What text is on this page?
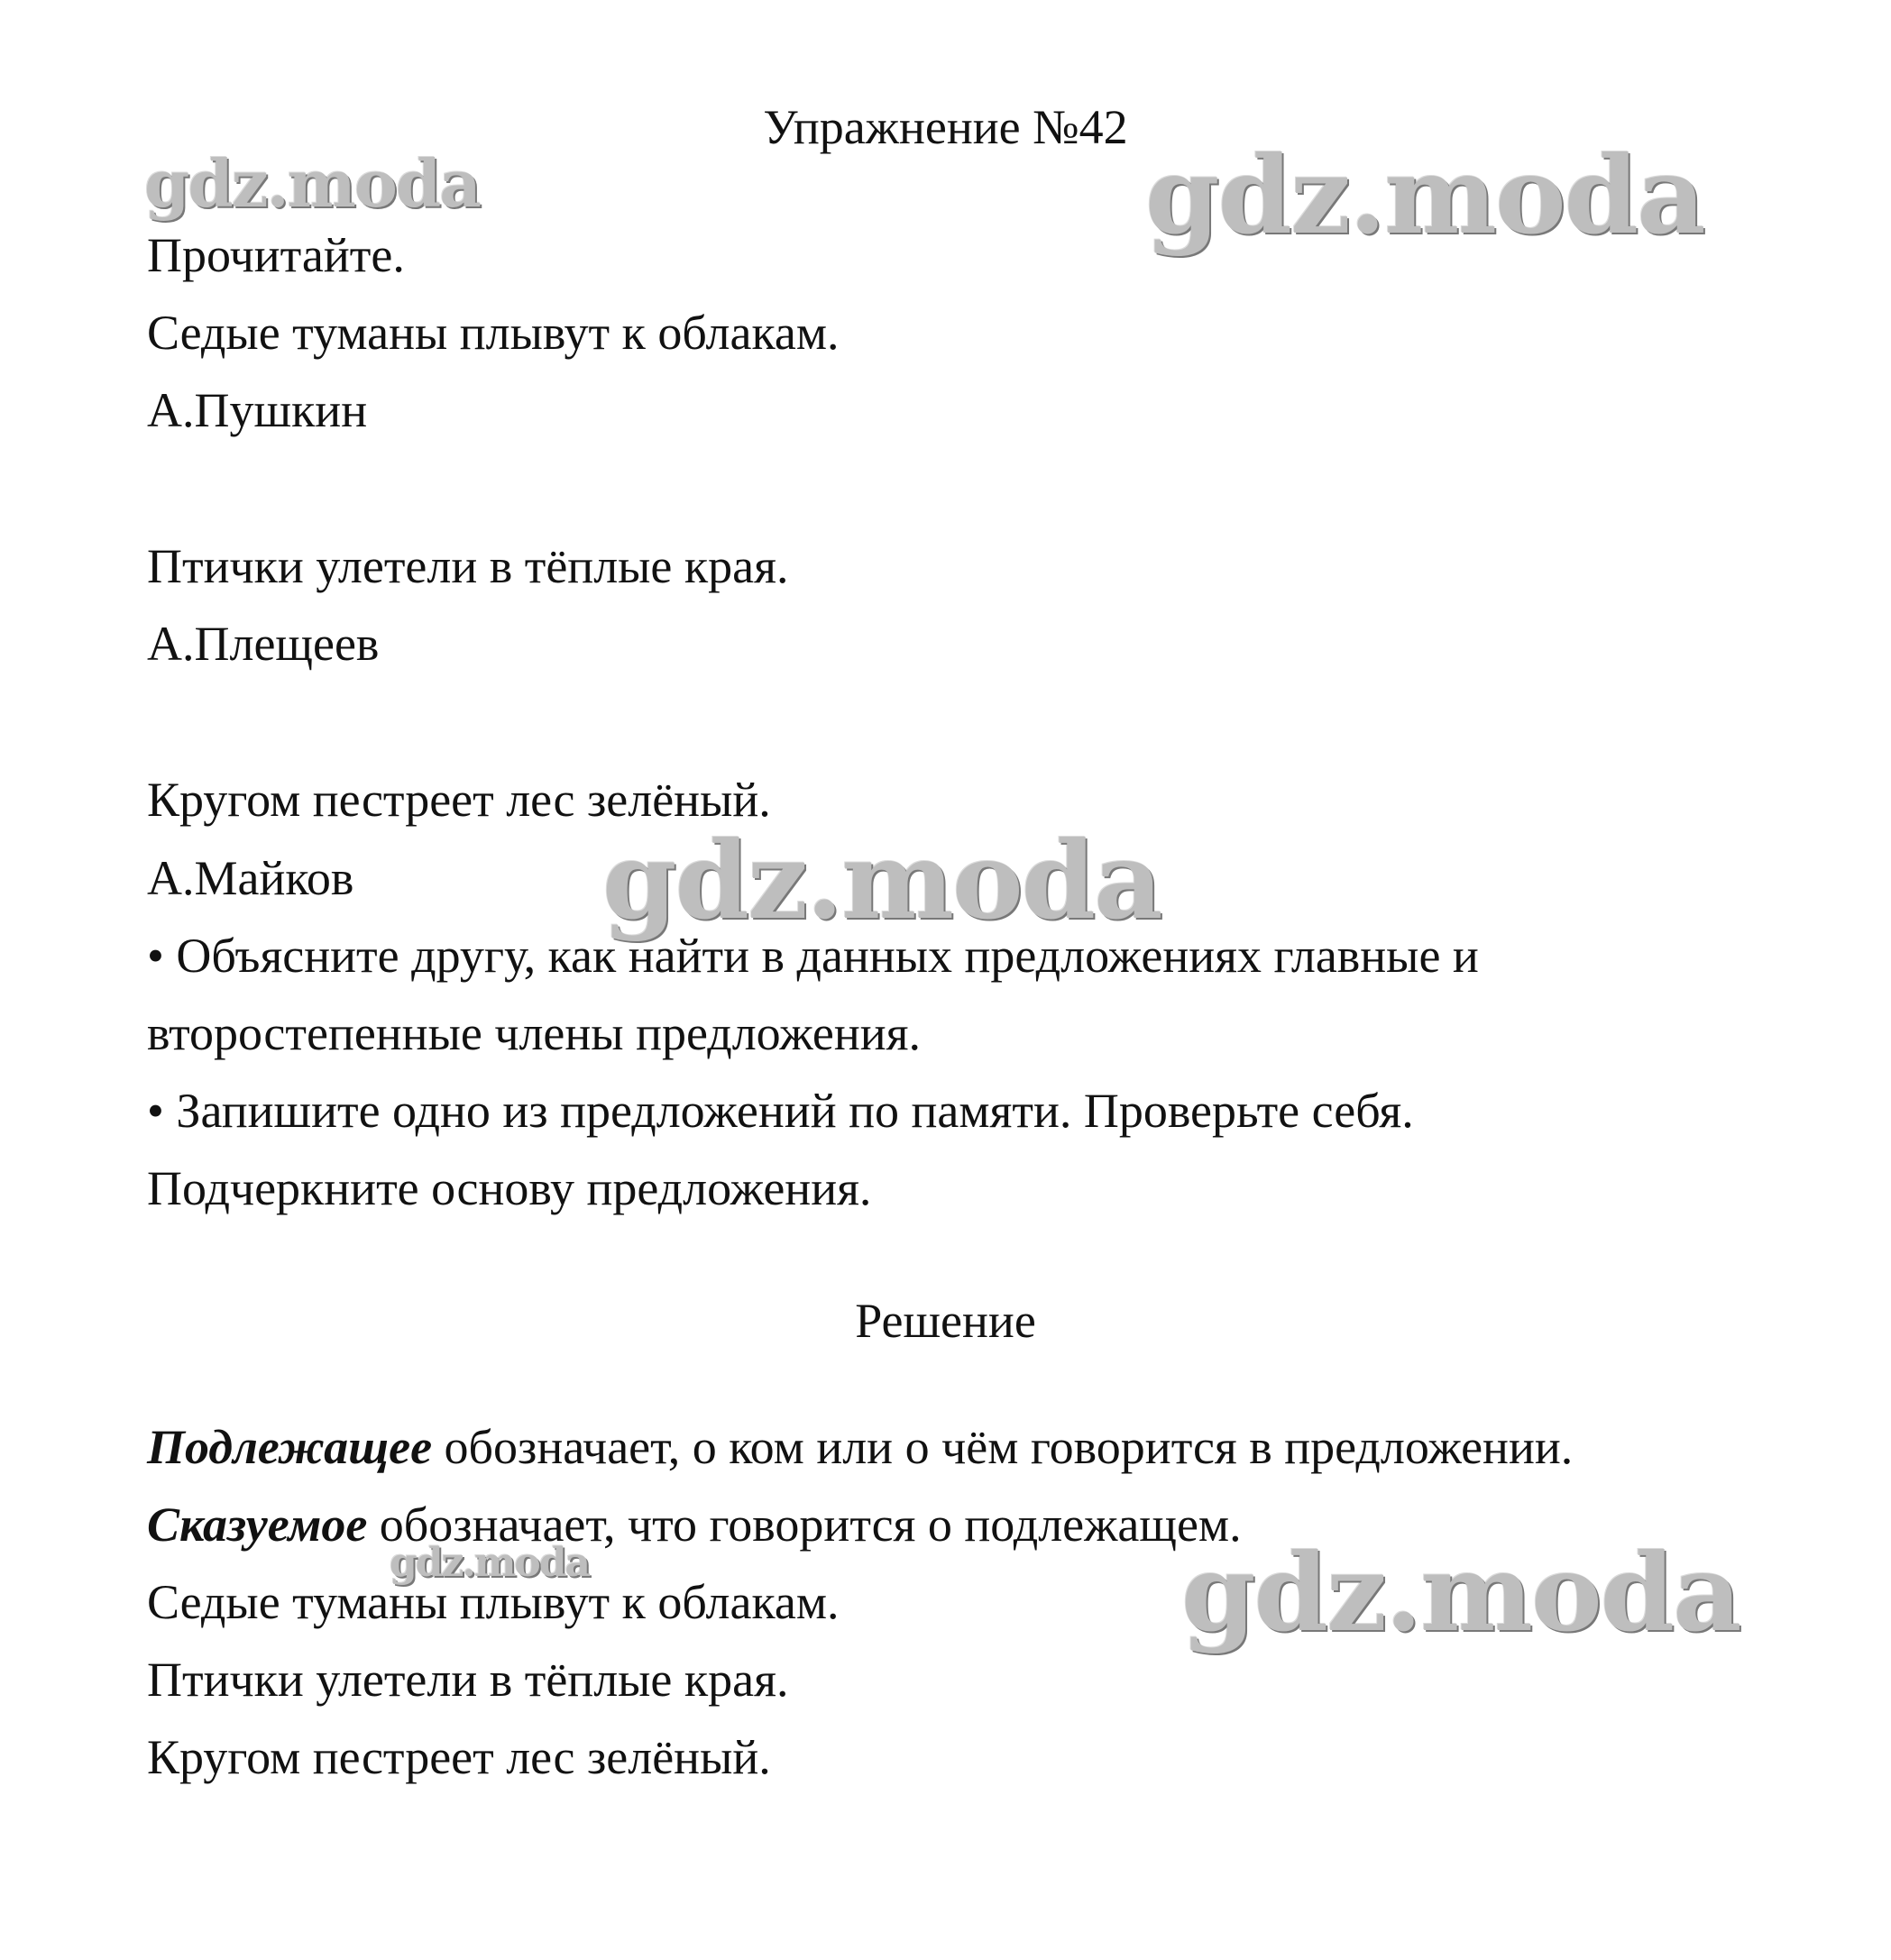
Упражнение №42
Прочитайте.
Седые туманы плывут к облакам.
А.Пушкин
Птички улетели в тёплые края.
А.Плещеев
Кругом пестреет лес зелёный.
А.Майков
• Объясните другу, как найти в данных предложениях главные и
второстепенные члены предложения.
• Запишите одно из предложений по памяти. Проверьте себя.
Подчеркните основу предложения.
Решение
Подлежащее обозначает, о ком или о чём говорится в предложении.
Сказуемое обозначает, что говорится о подлежащем.
Седые туманы плывут к облакам.
Птички улетели в тёплые края.
Кругом пестреет лес зелёный.
gdz.moda	gdz.moda
gdz.moda
gdz.moda	gdz.moda
